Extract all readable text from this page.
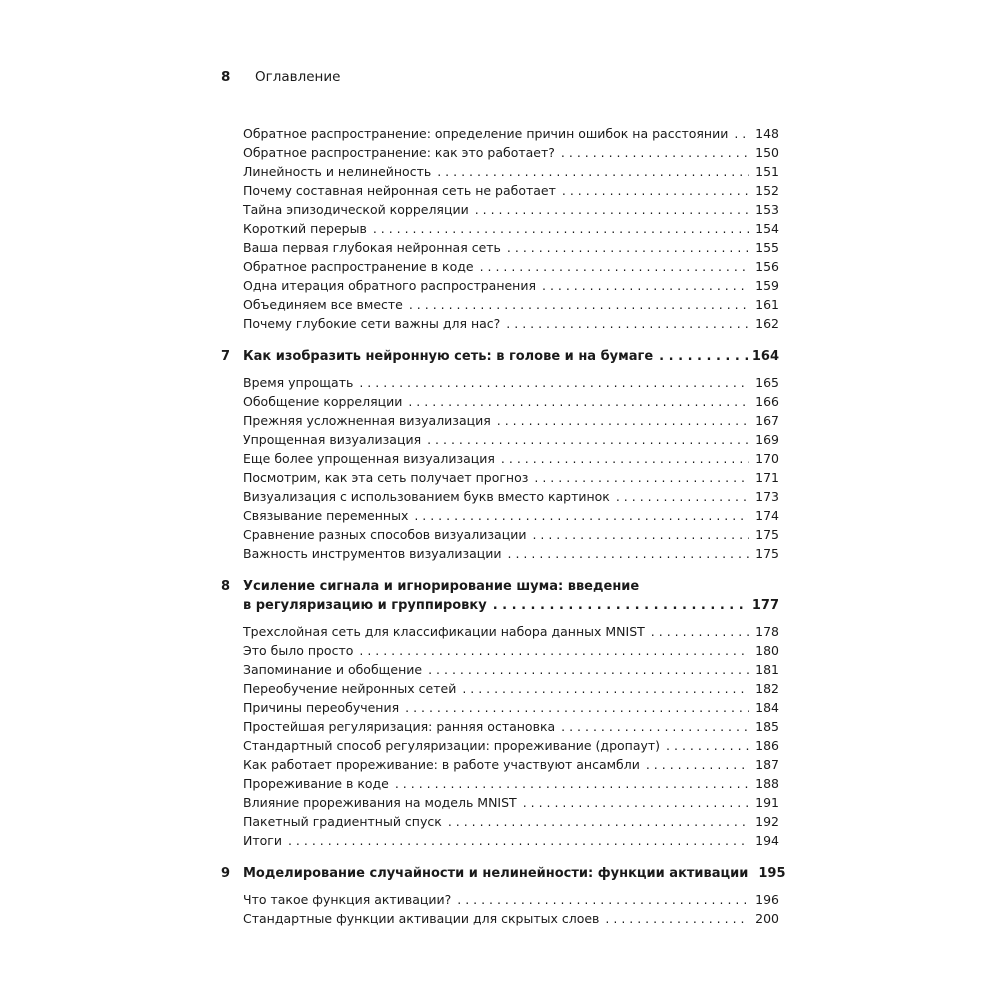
8	Оглавление
Обратное распространение: определение причин ошибок на расстоянии . . .	148
Обратное распространение: как это работает? . . .	150
Линейность и нелинейность . . .	151
Почему составная нейронная сеть не работает . . .	152
Тайна эпизодической корреляции . . .	153
Короткий перерыв . . .	154
Ваша первая глубокая нейронная сеть . . .	155
Обратное распространение в коде . . .	156
Одна итерация обратного распространения . . .	159
Объединяем все вместе . . .	161
Почему глубокие сети важны для нас? . . .	162
7 Как изобразить нейронную сеть: в голове и на бумаге . . .	164
Время упрощать . . .	165
Обобщение корреляции . . .	166
Прежняя усложненная визуализация . . .	167
Упрощенная визуализация . . .	169
Еще более упрощенная визуализация . . .	170
Посмотрим, как эта сеть получает прогноз . . .	171
Визуализация с использованием букв вместо картинок . . .	173
Связывание переменных . . .	174
Сравнение разных способов визуализации . . .	175
Важность инструментов визуализации . . .	175
8 Усиление сигнала и игнорирование шума: введение
в регуляризацию и группировку . . .	177
Трехслойная сеть для классификации набора данных MNIST . . .	178
Это было просто . . .	180
Запоминание и обобщение . . .	181
Переобучение нейронных сетей . . .	182
Причины переобучения . . .	184
Простейшая регуляризация: ранняя остановка . . .	185
Стандартный способ регуляризации: прореживание (дропаут) . . .	186
Как работает прореживание: в работе участвуют ансамбли . . .	187
Прореживание в коде . . .	188
Влияние прореживания на модель MNIST . . .	191
Пакетный градиентный спуск . . .	192
Итоги . . .	194
9 Моделирование случайности и нелинейности: функции активации 195
Что такое функция активации? . . .	196
Стандартные функции активации для скрытых слоев . . .	200
